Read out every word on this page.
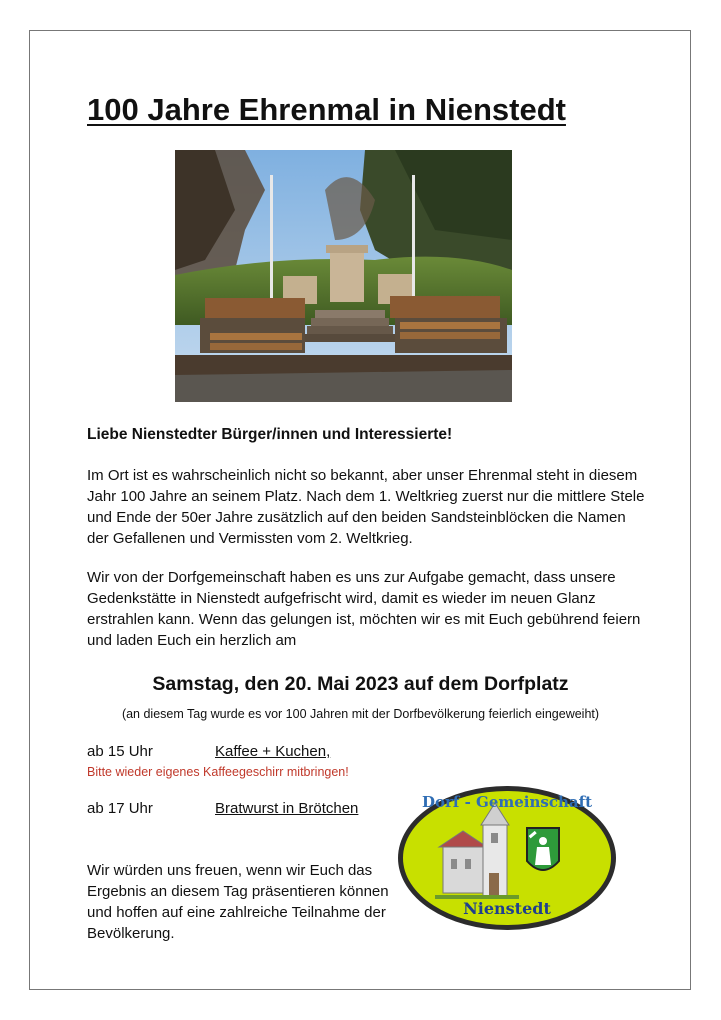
100 Jahre Ehrenmal in Nienstedt
Liebe Nienstedter Bürger/innen und Interessierte!

Im Ort ist es wahrscheinlich nicht so bekannt, aber unser Ehrenmal steht in diesem Jahr 100 Jahre an seinem Platz. Nach dem 1. Weltkrieg zuerst nur die mittlere Stele und Ende der 50er Jahre zusätzlich auf den beiden Sandsteinblöcken die Namen der Gefallenen und Vermissten vom 2. Weltkrieg.

Wir von der Dorfgemeinschaft haben es uns zur Aufgabe gemacht, dass unsere Gedenkstätte in Nienstedt aufgefrischt wird, damit es wieder im neuen Glanz erstrahlen kann. Wenn das gelungen ist, möchten wir es mit Euch gebührend feiern und laden Euch ein herzlich am

Samstag, den 20. Mai 2023 auf dem Dorfplatz
(an diesem Tag wurde es vor 100 Jahren mit der Dorfbevölkerung feierlich eingeweiht)
ab 15 Uhr	Kaffee + Kuchen,
Bitte wieder eigenes Kaffeegeschirr mitbringen!
ab 17 Uhr	Bratwurst in Brötchen

Wir würden uns freuen, wenn wir Euch das Ergebnis an diesem Tag präsentieren können und hoffen auf eine zahlreiche Teilnahme der Bevölkerung.

Dorf - Gemeinschaft
Nienstedt
